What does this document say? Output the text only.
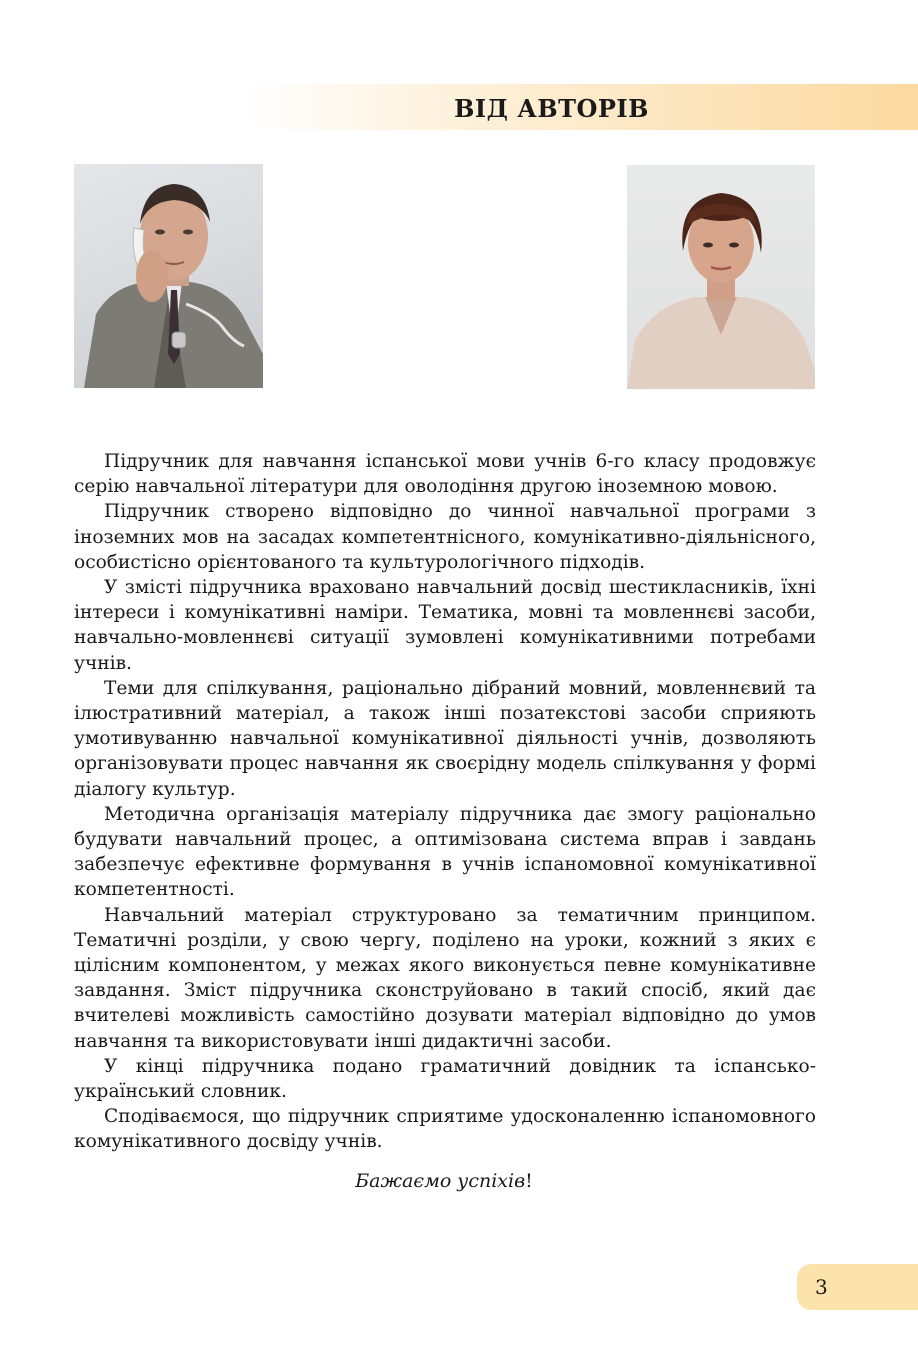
ВІД АВТОРІВ

Підручник для навчання іспанської мови учнів 6-го класу продовжує серію навчальної літератури для оволодіння другою іноземною мовою.

Підручник створено відповідно до чинної навчальної програми з іноземних мов на засадах компетентнісного, комунікативно-діяльнісного, особистісно орієнтованого та культурологічного підходів.

У змісті підручника враховано навчальний досвід шестикласників, їхні інтереси і комунікативні наміри. Тематика, мовні та мовленнєві засоби, навчально-мовленнєві ситуації зумовлені комунікативними потребами учнів.

Теми для спілкування, раціонально дібраний мовний, мовленнєвий та ілюстративний матеріал, а також інші позатекстові засоби сприяють умотивуванню навчальної комунікативної діяльності учнів, дозволяють організовувати процес навчання як своєрідну модель спілкування у формі діалогу культур.

Методична організація матеріалу підручника дає змогу раціонально будувати навчальний процес, а оптимізована система вправ і завдань забезпечує ефективне формування в учнів іспаномовної комунікативної компетентності.

Навчальний матеріал структуровано за тематичним принципом. Тематичні розділи, у свою чергу, поділено на уроки, кожний з яких є цілісним компонентом, у межах якого виконується певне комунікативне завдання. Зміст підручника сконструйовано в такий спосіб, який дає вчителеві можливість самостійно дозувати матеріал відповідно до умов навчання та використовувати інші дидактичні засоби.

У кінці підручника подано граматичний довідник та іспансько-український словник.

Сподіваємося, що підручник сприятиме удосконаленню іспаномовного комунікативного досвіду учнів.

Бажаємо успіхів!
3
